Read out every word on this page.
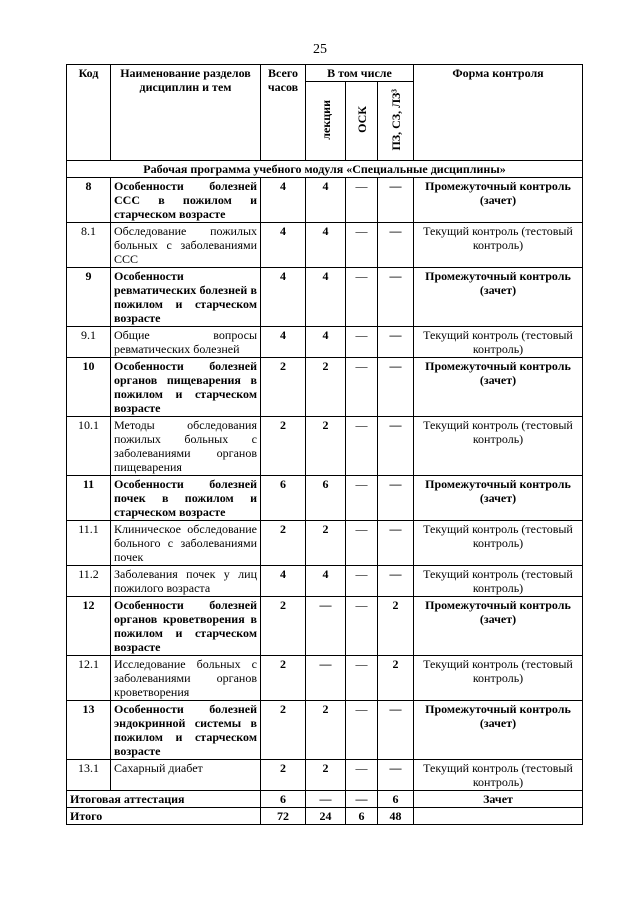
25
Код	Наименование разделов дисциплин и тем	Всего часов	В том числе			Форма контроля
			лекции	ОСК	ПЗ, СЗ, ЛЗ³	
Рабочая программа учебного модуля «Специальные дисциплины»						
8	Особенности болезней ССС в пожилом и старческом возрасте	4	4	—	—	Промежуточный контроль (зачет)
8.1	Обследование пожилых больных с заболеваниями ССС	4	4	—	—	Текущий контроль (тестовый контроль)
9	Особенности ревматических болезней в пожилом и старческом возрасте	4	4	—	—	Промежуточный контроль (зачет)
9.1	Общие вопросы ревматических болезней	4	4	—	—	Текущий контроль (тестовый контроль)
10	Особенности болезней органов пищеварения в пожилом и старческом возрасте	2	2	—	—	Промежуточный контроль (зачет)
10.1	Методы обследования пожилых больных с заболеваниями органов пищеварения	2	2	—	—	Текущий контроль (тестовый контроль)
11	Особенности болезней почек в пожилом и старческом возрасте	6	6	—	—	Промежуточный контроль (зачет)
11.1	Клиническое обследование больного с заболеваниями почек	2	2	—	—	Текущий контроль (тестовый контроль)
11.2	Заболевания почек у лиц пожилого возраста	4	4	—	—	Текущий контроль (тестовый контроль)
12	Особенности болезней органов кроветворения в пожилом и старческом возрасте	2	—	—	2	Промежуточный контроль (зачет)
12.1	Исследование больных с заболеваниями органов кроветворения	2	—	—	2	Текущий контроль (тестовый контроль)
13	Особенности болезней эндокринной системы в пожилом и старческом возрасте	2	2	—	—	Промежуточный контроль (зачет)
13.1	Сахарный диабет	2	2	—	—	Текущий контроль (тестовый контроль)
Итоговая аттестация		6	—	—	6	Зачет
Итого		72	24	6	48	
